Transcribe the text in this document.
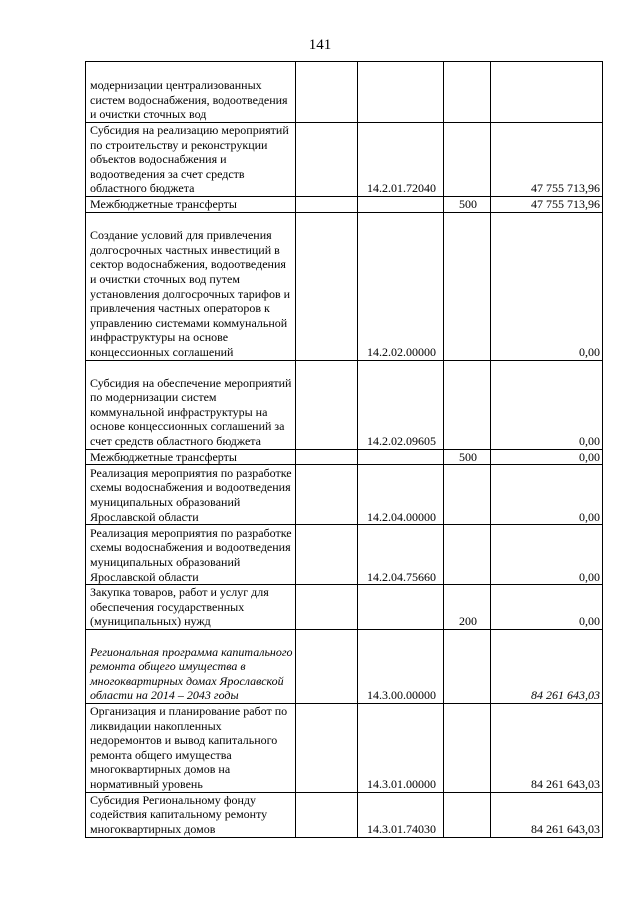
141
модернизации централизованных систем водоснабжения, водоотведения и очистки сточных вод				
Субсидия на реализацию мероприятий по строительству и реконструкции объектов водоснабжения и водоотведения за счет средств областного бюджета		14.2.01.72040		47 755 713,96
Межбюджетные трансферты			500	47 755 713,96
Создание условий для привлечения долгосрочных частных инвестиций в сектор водоснабжения, водоотведения и очистки сточных вод путем установления долгосрочных тарифов и привлечения частных операторов к управлению системами коммунальной инфраструктуры на основе концессионных соглашений		14.2.02.00000		0,00
Субсидия на обеспечение мероприятий по модернизации систем коммунальной инфраструктуры на основе концессионных соглашений за счет средств областного бюджета		14.2.02.09605		0,00
Межбюджетные трансферты			500	0,00
Реализация мероприятия по разработке схемы водоснабжения и водоотведения муниципальных образований Ярославской области		14.2.04.00000		0,00
Реализация мероприятия по разработке схемы водоснабжения и водоотведения муниципальных образований Ярославской области		14.2.04.75660		0,00
Закупка товаров, работ и услуг для обеспечения государственных (муниципальных) нужд			200	0,00
Региональная программа капитального ремонта общего имущества в многоквартирных домах Ярославской области на 2014 – 2043 годы		14.3.00.00000		84 261 643,03
Организация и планирование работ по ликвидации накопленных недоремонтов и вывод капитального ремонта общего имущества многоквартирных домов на нормативный уровень		14.3.01.00000		84 261 643,03
Субсидия Региональному фонду содействия капитальному ремонту многоквартирных домов		14.3.01.74030		84 261 643,03
